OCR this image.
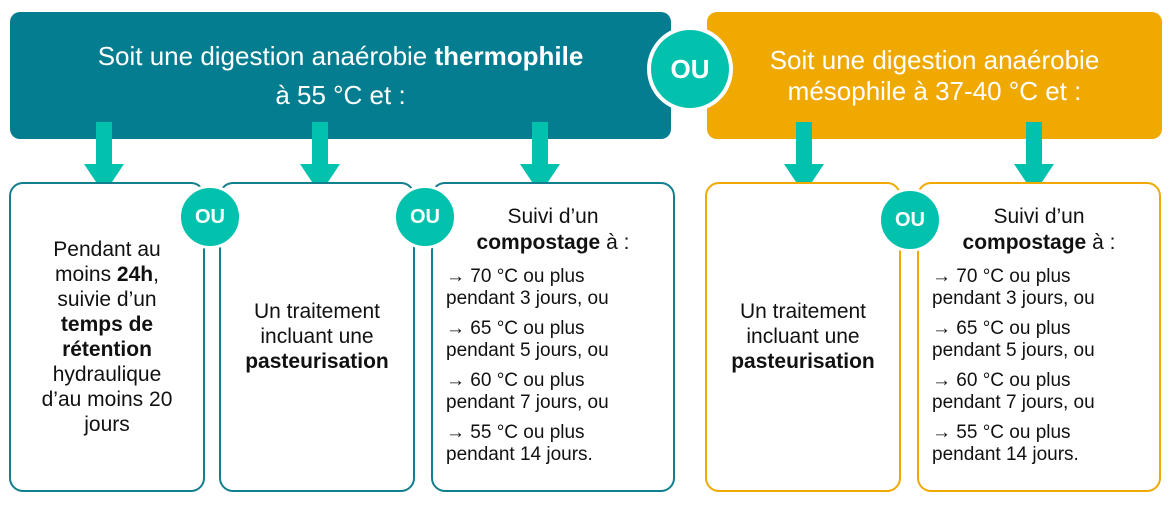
Soit une digestion anaérobie thermophile
à 55 °C et :
Soit une digestion anaérobie
mésophile à 37-40 °C et :
OU
Pendant au
moins 24h,
suivie d’un
temps de
rétention
hydraulique
d’au moins 20
jours
Un traitement
incluant une
pasteurisation
Suivi d’un
compostage à :
→ 70 °C ou plus
pendant 3 jours, ou
→ 65 °C ou plus
pendant 5 jours, ou
→ 60 °C ou plus
pendant 7 jours, ou
→ 55 °C ou plus
pendant 14 jours.
Un traitement
incluant une
pasteurisation
Suivi d’un
compostage à :
→ 70 °C ou plus
pendant 3 jours, ou
→ 65 °C ou plus
pendant 5 jours, ou
→ 60 °C ou plus
pendant 7 jours, ou
→ 55 °C ou plus
pendant 14 jours.
OU	OU	OU
